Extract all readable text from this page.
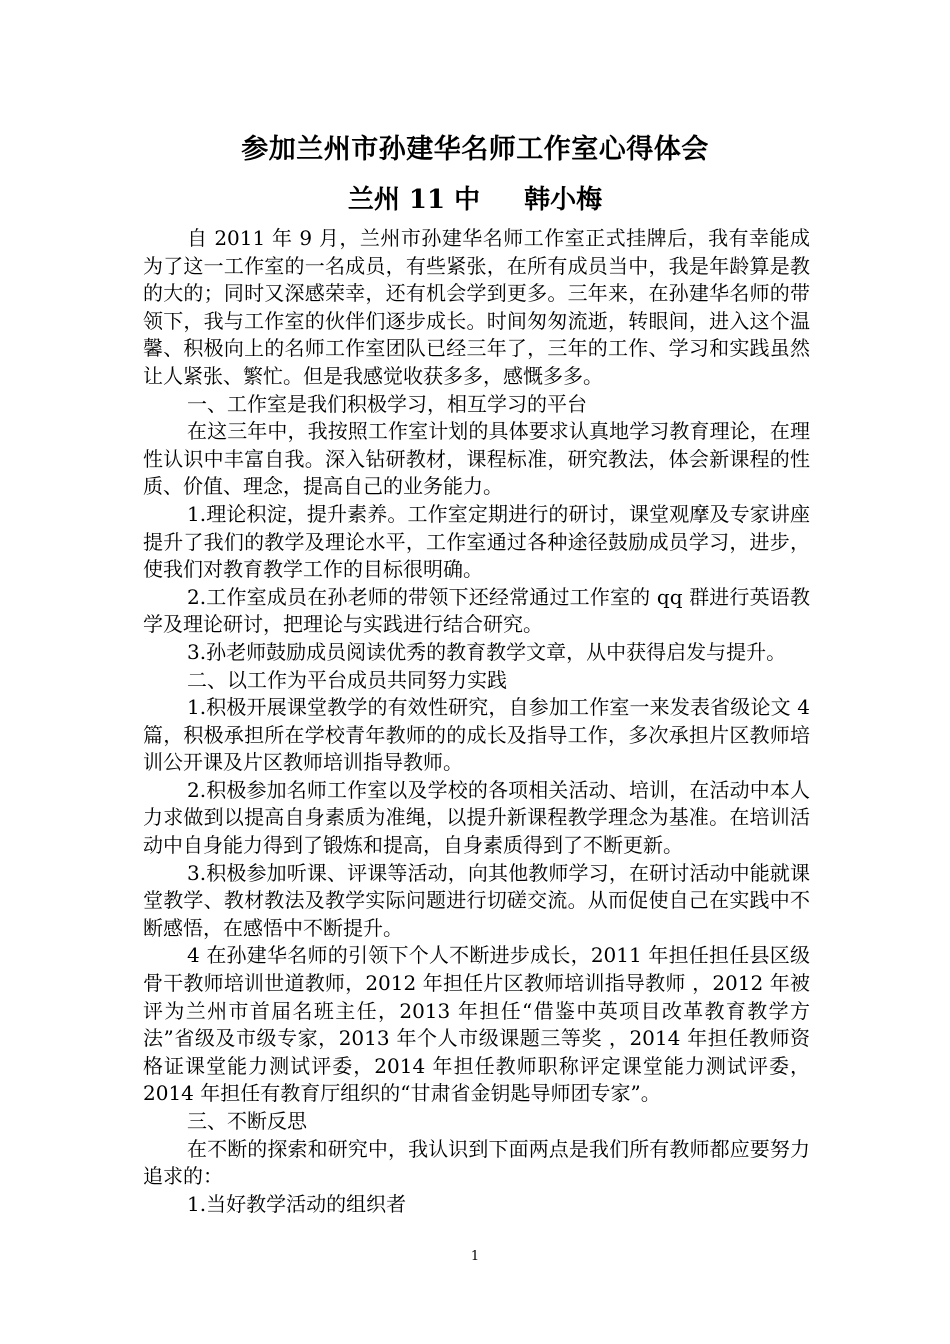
参加兰州市孙建华名师工作室心得体会
兰州 11 中 韩小梅

自 2011 年 9 月，兰州市孙建华名师工作室正式挂牌后，我有幸能成为了这一工作室的一名成员，有些紧张，在所有成员当中，我是年龄算是教的大的；同时又深感荣幸，还有机会学到更多。三年来，在孙建华名师的带领下，我与工作室的伙伴们逐步成长。时间匆匆流逝，转眼间，进入这个温馨、积极向上的名师工作室团队已经三年了，三年的工作、学习和实践虽然让人紧张、繁忙。但是我感觉收获多多，感慨多多。

一、工作室是我们积极学习，相互学习的平台

在这三年中，我按照工作室计划的具体要求认真地学习教育理论，在理性认识中丰富自我。深入钻研教材，课程标准，研究教法，体会新课程的性质、价值、理念，提高自己的业务能力。

1.理论积淀，提升素养。工作室定期进行的研讨，课堂观摩及专家讲座提升了我们的教学及理论水平，工作室通过各种途径鼓励成员学习，进步，使我们对教育教学工作的目标很明确。

2.工作室成员在孙老师的带领下还经常通过工作室的 qq 群进行英语教学及理论研讨，把理论与实践进行结合研究。

3.孙老师鼓励成员阅读优秀的教育教学文章，从中获得启发与提升。

二、以工作为平台成员共同努力实践

1.积极开展课堂教学的有效性研究，自参加工作室一来发表省级论文 4 篇，积极承担所在学校青年教师的的成长及指导工作，多次承担片区教师培训公开课及片区教师培训指导教师。

2.积极参加名师工作室以及学校的各项相关活动、培训，在活动中本人力求做到以提高自身素质为准绳，以提升新课程教学理念为基准。在培训活动中自身能力得到了锻炼和提高，自身素质得到了不断更新。

3.积极参加听课、评课等活动，向其他教师学习，在研讨活动中能就课堂教学、教材教法及教学实际问题进行切磋交流。从而促使自己在实践中不断感悟，在感悟中不断提升。

4 在孙建华名师的引领下个人不断进步成长，2011 年担任担任县区级骨干教师培训世道教师，2012 年担任片区教师培训指导教师 ，2012 年被评为兰州市首届名班主任，2013 年担任“借鉴中英项目改革教育教学方法”省级及市级专家，2013 年个人市级课题三等奖 ，2014 年担任教师资格证课堂能力测试评委，2014 年担任教师职称评定课堂能力测试评委，2014 年担任有教育厅组织的“甘肃省金钥匙导师团专家”。

三、不断反思

在不断的探索和研究中，我认识到下面两点是我们所有教师都应要努力追求的：

1.当好教学活动的组织者

1
